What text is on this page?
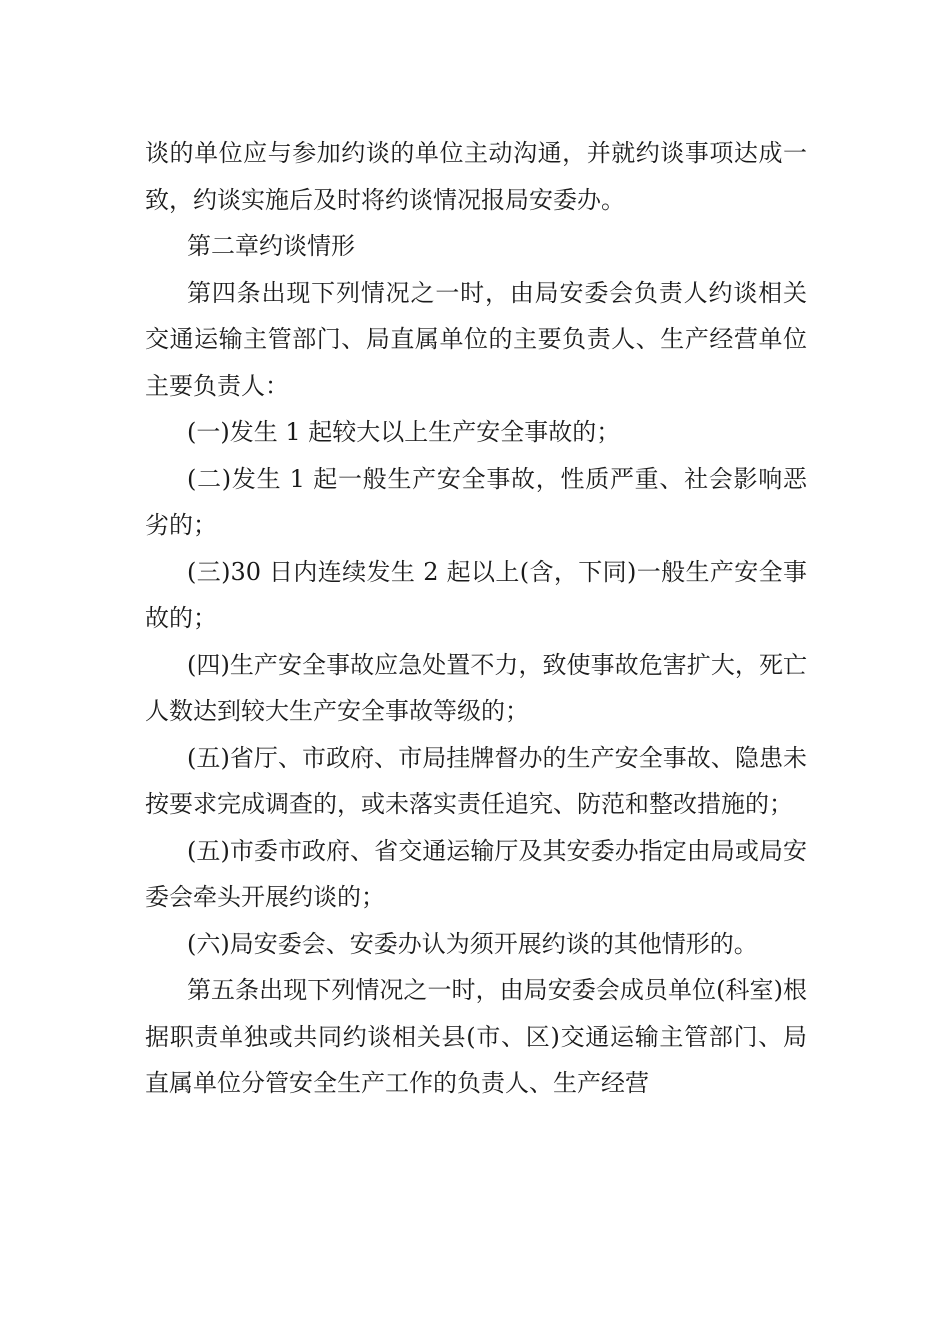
谈的单位应与参加约谈的单位主动沟通，并就约谈事项达成一致，约谈实施后及时将约谈情况报局安委办。

第二章约谈情形

第四条出现下列情况之一时，由局安委会负责人约谈相关交通运输主管部门、局直属单位的主要负责人、生产经营单位主要负责人：

(一)发生 1 起较大以上生产安全事故的；

(二)发生 1 起一般生产安全事故，性质严重、社会影响恶劣的；

(三)30 日内连续发生 2 起以上(含，下同)一般生产安全事故的；

(四)生产安全事故应急处置不力，致使事故危害扩大，死亡人数达到较大生产安全事故等级的；

(五)省厅、市政府、市局挂牌督办的生产安全事故、隐患未按要求完成调查的，或未落实责任追究、防范和整改措施的；

(五)市委市政府、省交通运输厅及其安委办指定由局或局安委会牵头开展约谈的；

(六)局安委会、安委办认为须开展约谈的其他情形的。

第五条出现下列情况之一时，由局安委会成员单位(科室)根据职责单独或共同约谈相关县(市、区)交通运输主管部门、局直属单位分管安全生产工作的负责人、生产经营
